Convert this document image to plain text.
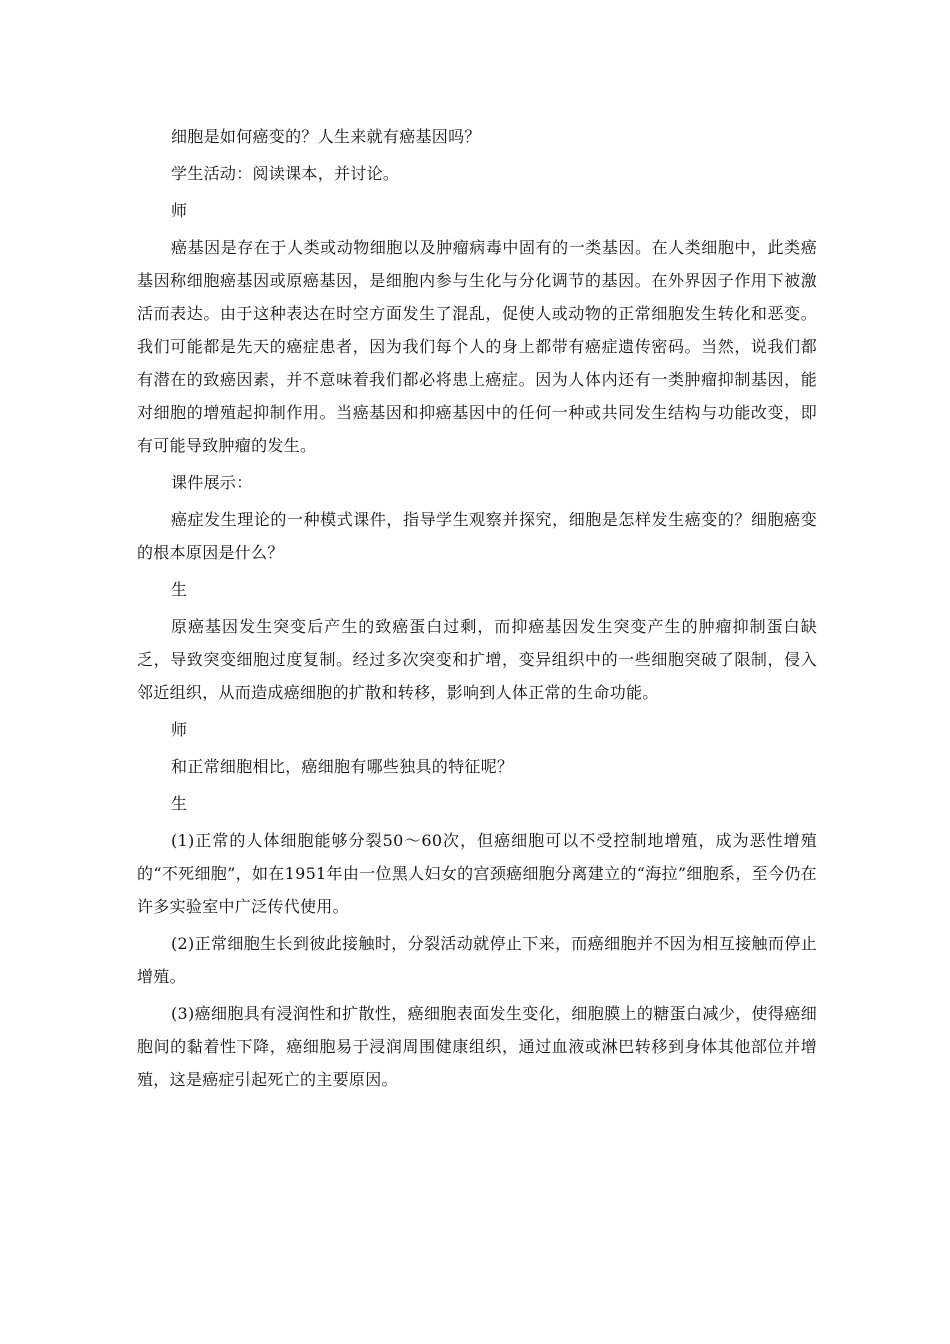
细胞是如何癌变的？人生来就有癌基因吗？

学生活动：阅读课本，并讨论。

师

癌基因是存在于人类或动物细胞以及肿瘤病毒中固有的一类基因。在人类细胞中，此类癌基因称细胞癌基因或原癌基因，是细胞内参与生化与分化调节的基因。在外界因子作用下被激活而表达。由于这种表达在时空方面发生了混乱，促使人或动物的正常细胞发生转化和恶变。我们可能都是先天的癌症患者，因为我们每个人的身上都带有癌症遗传密码。当然，说我们都有潜在的致癌因素，并不意味着我们都必将患上癌症。因为人体内还有一类肿瘤抑制基因，能对细胞的增殖起抑制作用。当癌基因和抑癌基因中的任何一种或共同发生结构与功能改变，即有可能导致肿瘤的发生。

课件展示：

癌症发生理论的一种模式课件，指导学生观察并探究，细胞是怎样发生癌变的？细胞癌变的根本原因是什么？

生

原癌基因发生突变后产生的致癌蛋白过剩，而抑癌基因发生突变产生的肿瘤抑制蛋白缺乏，导致突变细胞过度复制。经过多次突变和扩增，变异组织中的一些细胞突破了限制，侵入邻近组织，从而造成癌细胞的扩散和转移，影响到人体正常的生命功能。

师

和正常细胞相比，癌细胞有哪些独具的特征呢？

生

(1)正常的人体细胞能够分裂50～60次，但癌细胞可以不受控制地增殖，成为恶性增殖的“不死细胞”，如在1951年由一位黑人妇女的宫颈癌细胞分离建立的“海拉”细胞系，至今仍在许多实验室中广泛传代使用。

(2)正常细胞生长到彼此接触时，分裂活动就停止下来，而癌细胞并不因为相互接触而停止增殖。

(3)癌细胞具有浸润性和扩散性，癌细胞表面发生变化，细胞膜上的糖蛋白减少，使得癌细胞间的黏着性下降，癌细胞易于浸润周围健康组织，通过血液或淋巴转移到身体其他部位并增殖，这是癌症引起死亡的主要原因。
